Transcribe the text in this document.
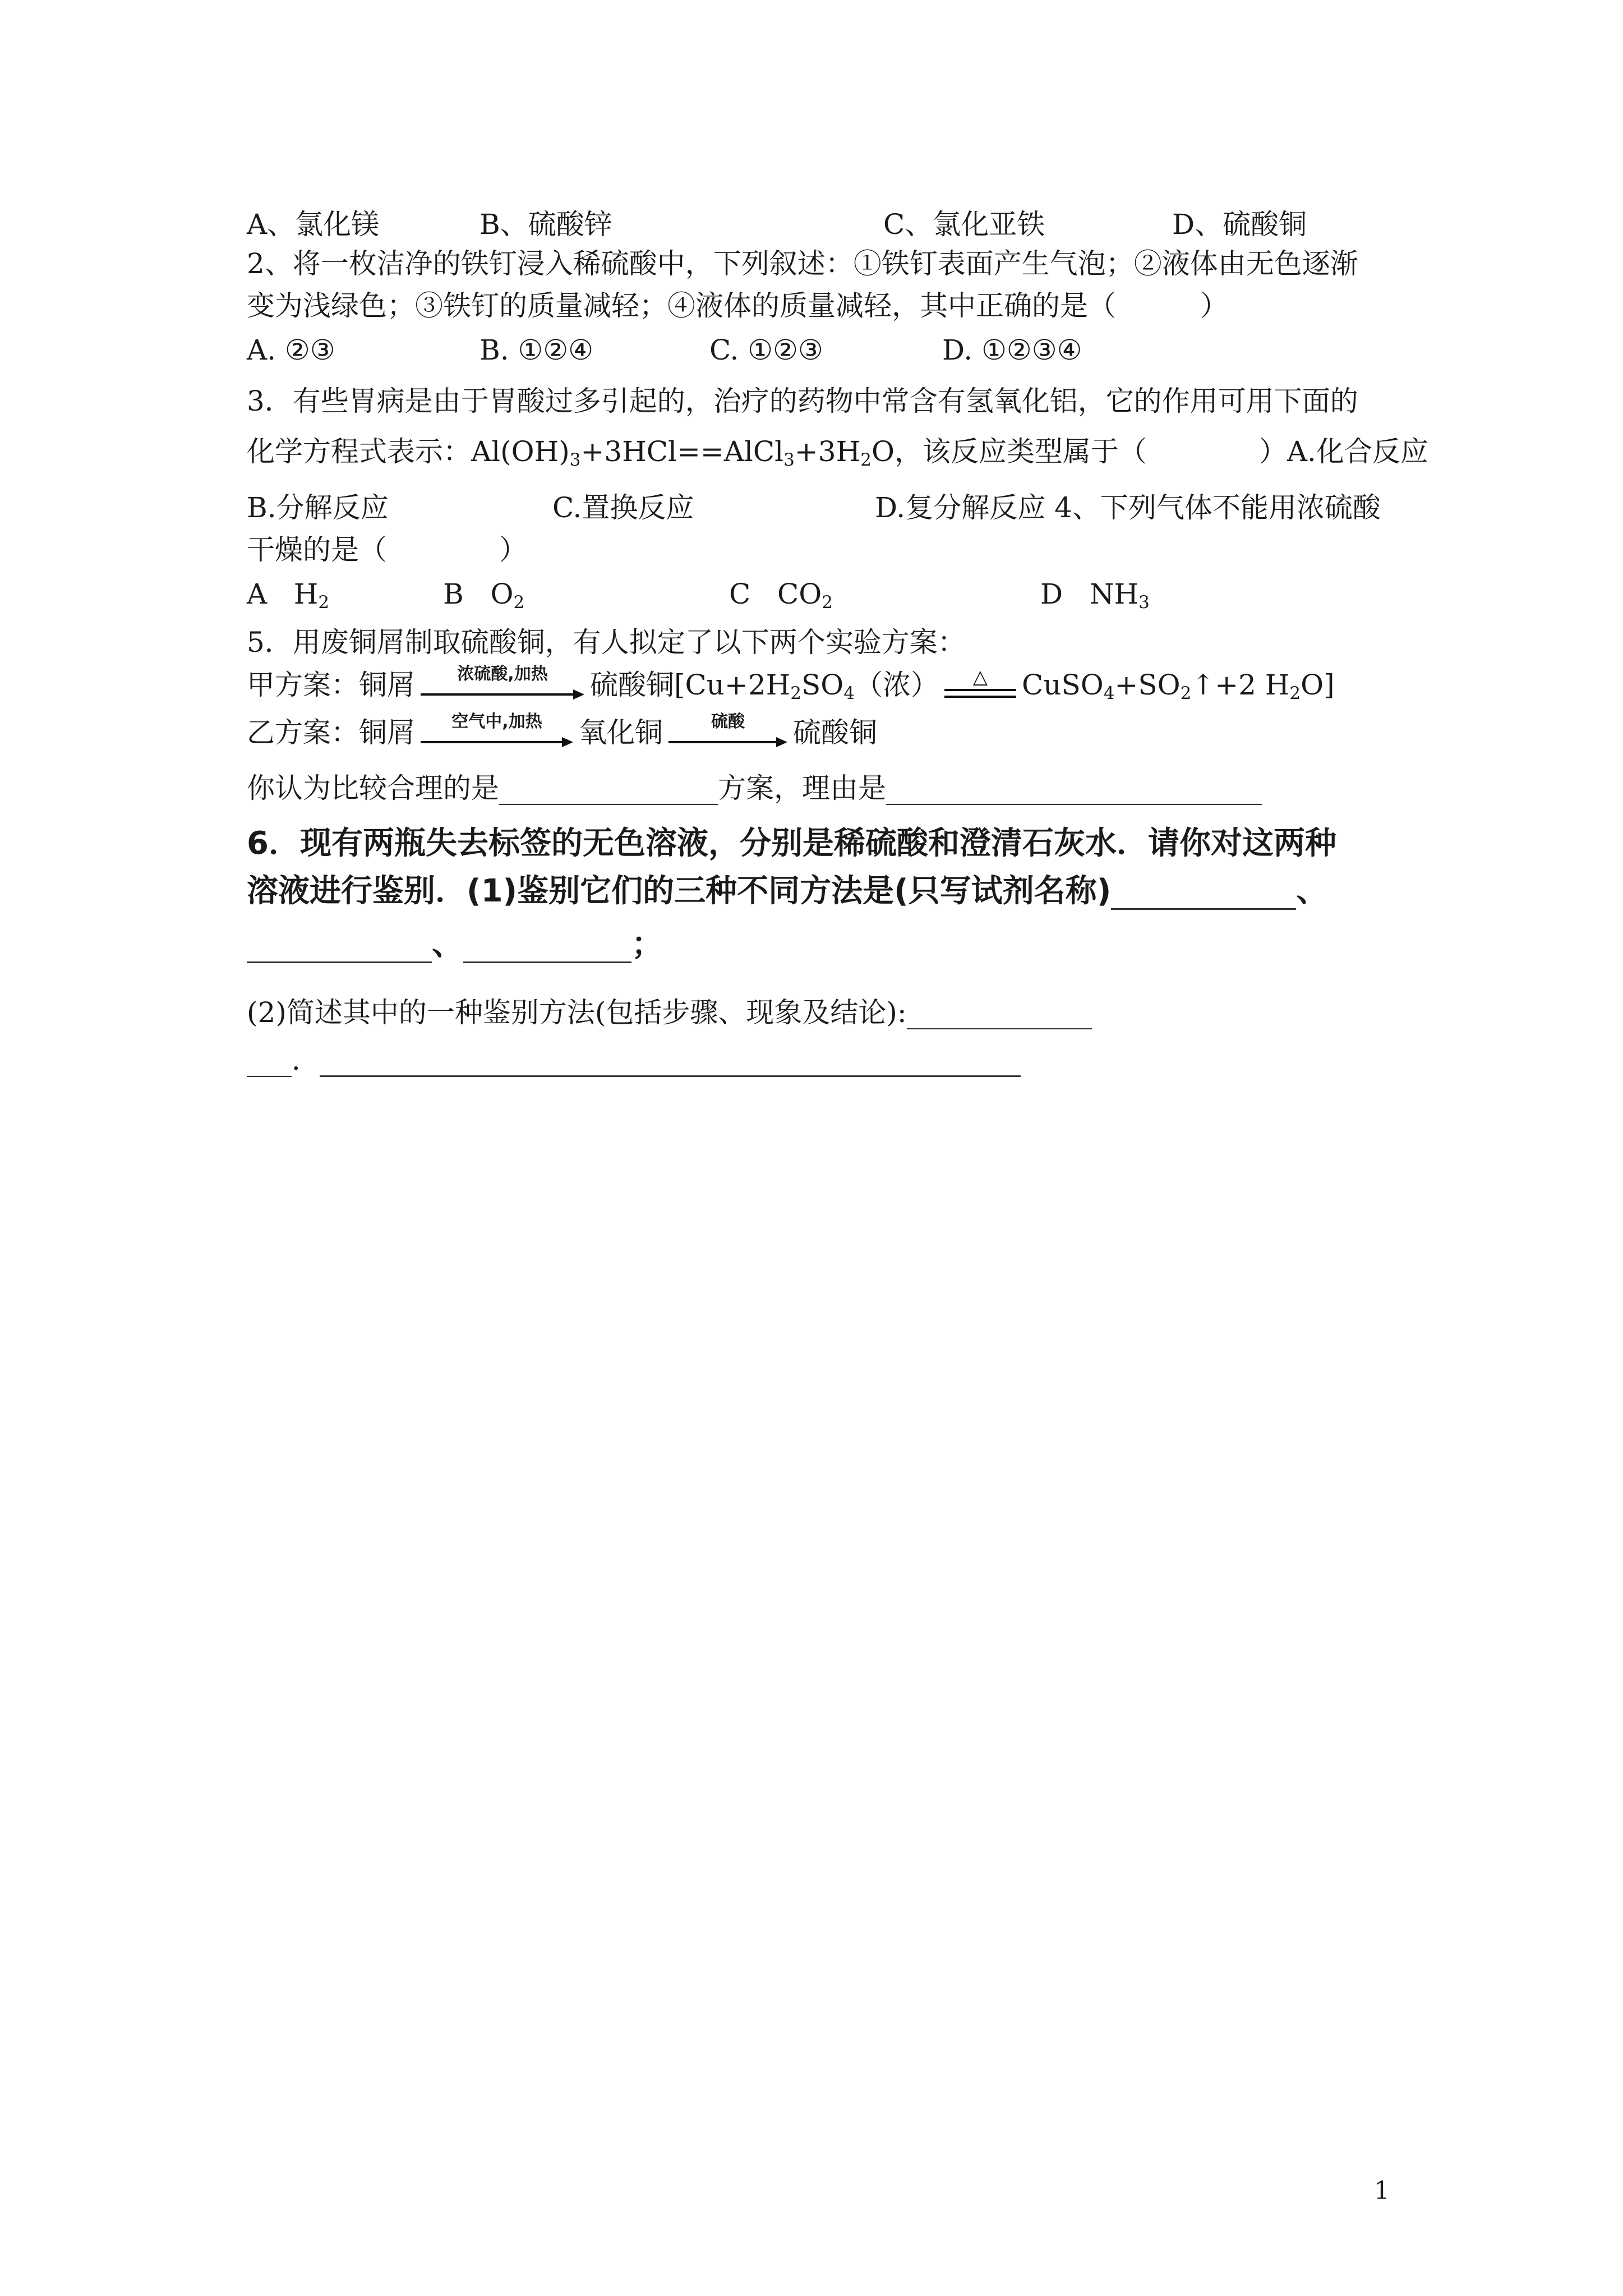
A、氯化镁	B、硫酸锌	C、氯化亚铁	D、硫酸铜
2、将一枚洁净的铁钉浸入稀硫酸中，下列叙述：①铁钉表面产生气泡；②液体由无色逐渐
变为浅绿色；③铁钉的质量减轻；④液体的质量减轻，其中正确的是（　　　）
A. ②③	B. ①②④	C. ①②③	D. ①②③④
3．有些胃病是由于胃酸过多引起的，治疗的药物中常含有氢氧化铝，它的作用可用下面的
化学方程式表示：$Al(OH)_3+3HCl==AlCl_3+3H_2O$，该反应类型属于（　　　　）A.化合反应
B.分解反应	C.置换反应	D.复分解反应 4、下列气体不能用浓硫酸
干燥的是（　　　　）
A $H_2$	B $O_2$	C $CO_2$	D $NH_3$
5．用废铜屑制取硫酸铜，有人拟定了以下两个实验方案：
甲方案：铜屑	浓硫酸,加热	硫酸铜[$Cu+2H_2SO_4$（浓） △ $CuSO_4+SO_2↑+2$ $H_2O$]
乙方案：铜屑	空气中,加热	氧化铜	硫酸	硫酸铜
你认为比较合理的是	方案，理由是
6．现有两瓶失去标签的无色溶液，分别是稀硫酸和澄清石灰水．请你对这两种
溶液进行鉴别．(1)鉴别它们的三种不同方法是(只写试剂名称)	、
、	；
(2)简述其中的一种鉴别方法(包括步骤、现象及结论):
．
1
